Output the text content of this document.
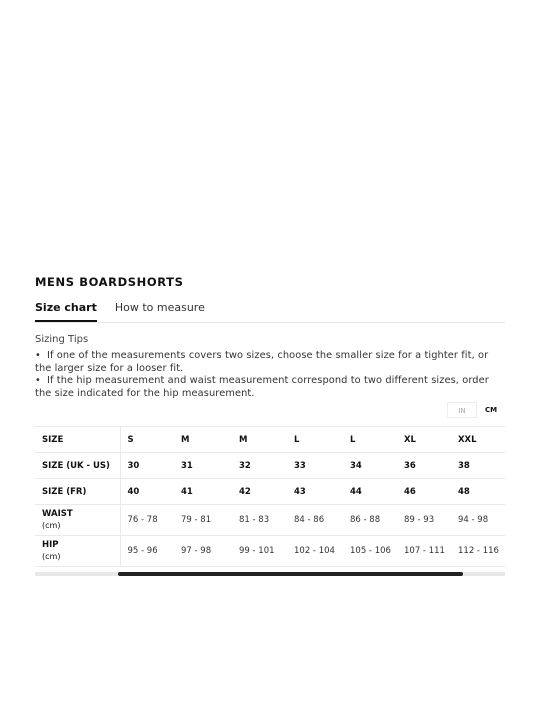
MENS BOARDSHORTS
Size chart How to measure
Sizing Tips
• If one of the measurements covers two sizes, choose the smaller size for a tighter fit, or the larger size for a looser fit.
• If the hip measurement and waist measurement correspond to two different sizes, order the size indicated for the hip measurement.
IN	CM
SIZE	S	M	M	L	L	XL	XXL
SIZE (UK - US)	30	31	32	33	34	36	38
SIZE (FR)	40	41	42	43	44	46	48
WAIST
(cm)	76 - 78	79 - 81	81 - 83	84 - 86	86 - 88	89 - 93	94 - 98
HIP
(cm)	95 - 96	97 - 98	99 - 101	102 - 104	105 - 106	107 - 111	112 - 116
